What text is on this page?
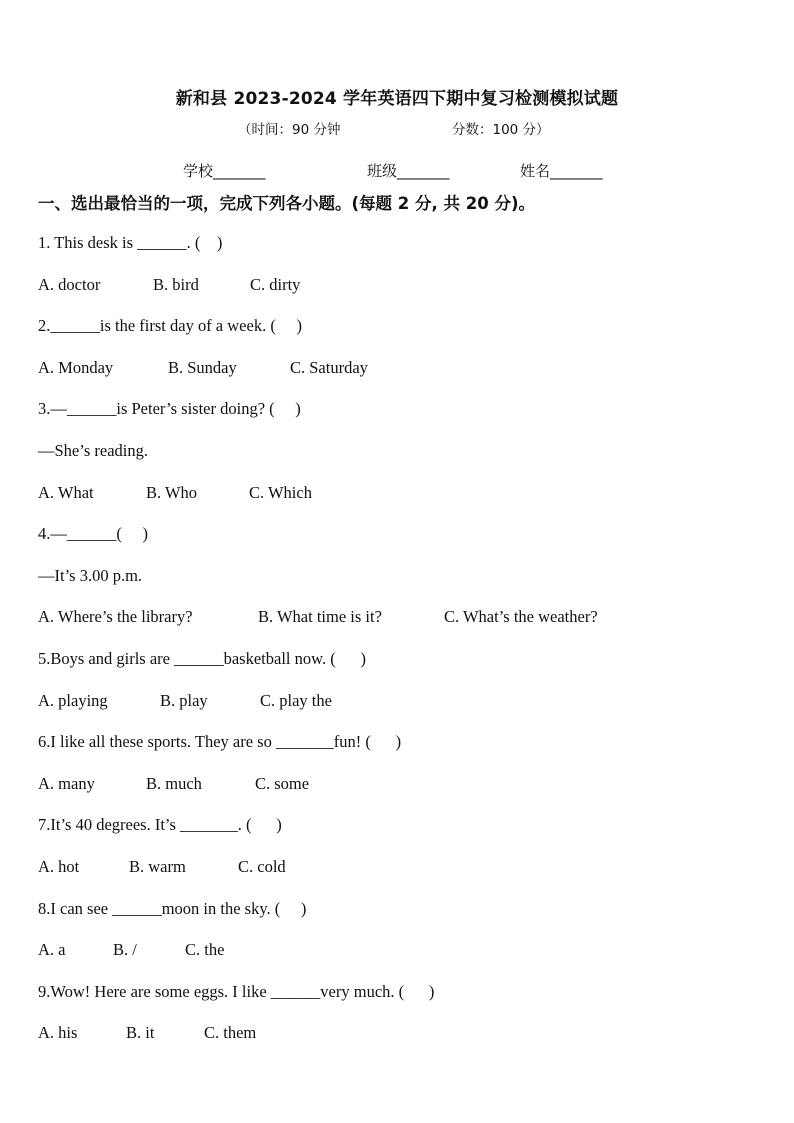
新和县 2023-2024 学年英语四下期中复习检测模拟试题
（时间：90 分钟	分数：100 分）
学校_______	班级_______	姓名_______
一、选出最恰当的一项，完成下列各小题。(每题 2 分, 共 20 分)。
1. This desk is ______. (    )
A. doctor	B. bird	C. dirty
2.______is the first day of a week. (     )
A. Monday	B. Sunday	C. Saturday
3.—______is Peter’s sister doing? (     )
—She’s reading.
A. What	B. Who	C. Which
4.—______(     )
—It’s 3.00 p.m.
A. Where’s the library?	B. What time is it?	C. What’s the weather?
5.Boys and girls are ______basketball now. (      )
A. playing	B. play	C. play the
6.I like all these sports. They are so _______fun! (      )
A. many	B. much	C. some
7.It’s 40 degrees. It’s _______. (      )
A. hot	B. warm	C. cold
8.I can see ______moon in the sky. (     )
A. a	B. /	C. the
9.Wow! Here are some eggs. I like ______very much. (      )
A. his	B. it	C. them
